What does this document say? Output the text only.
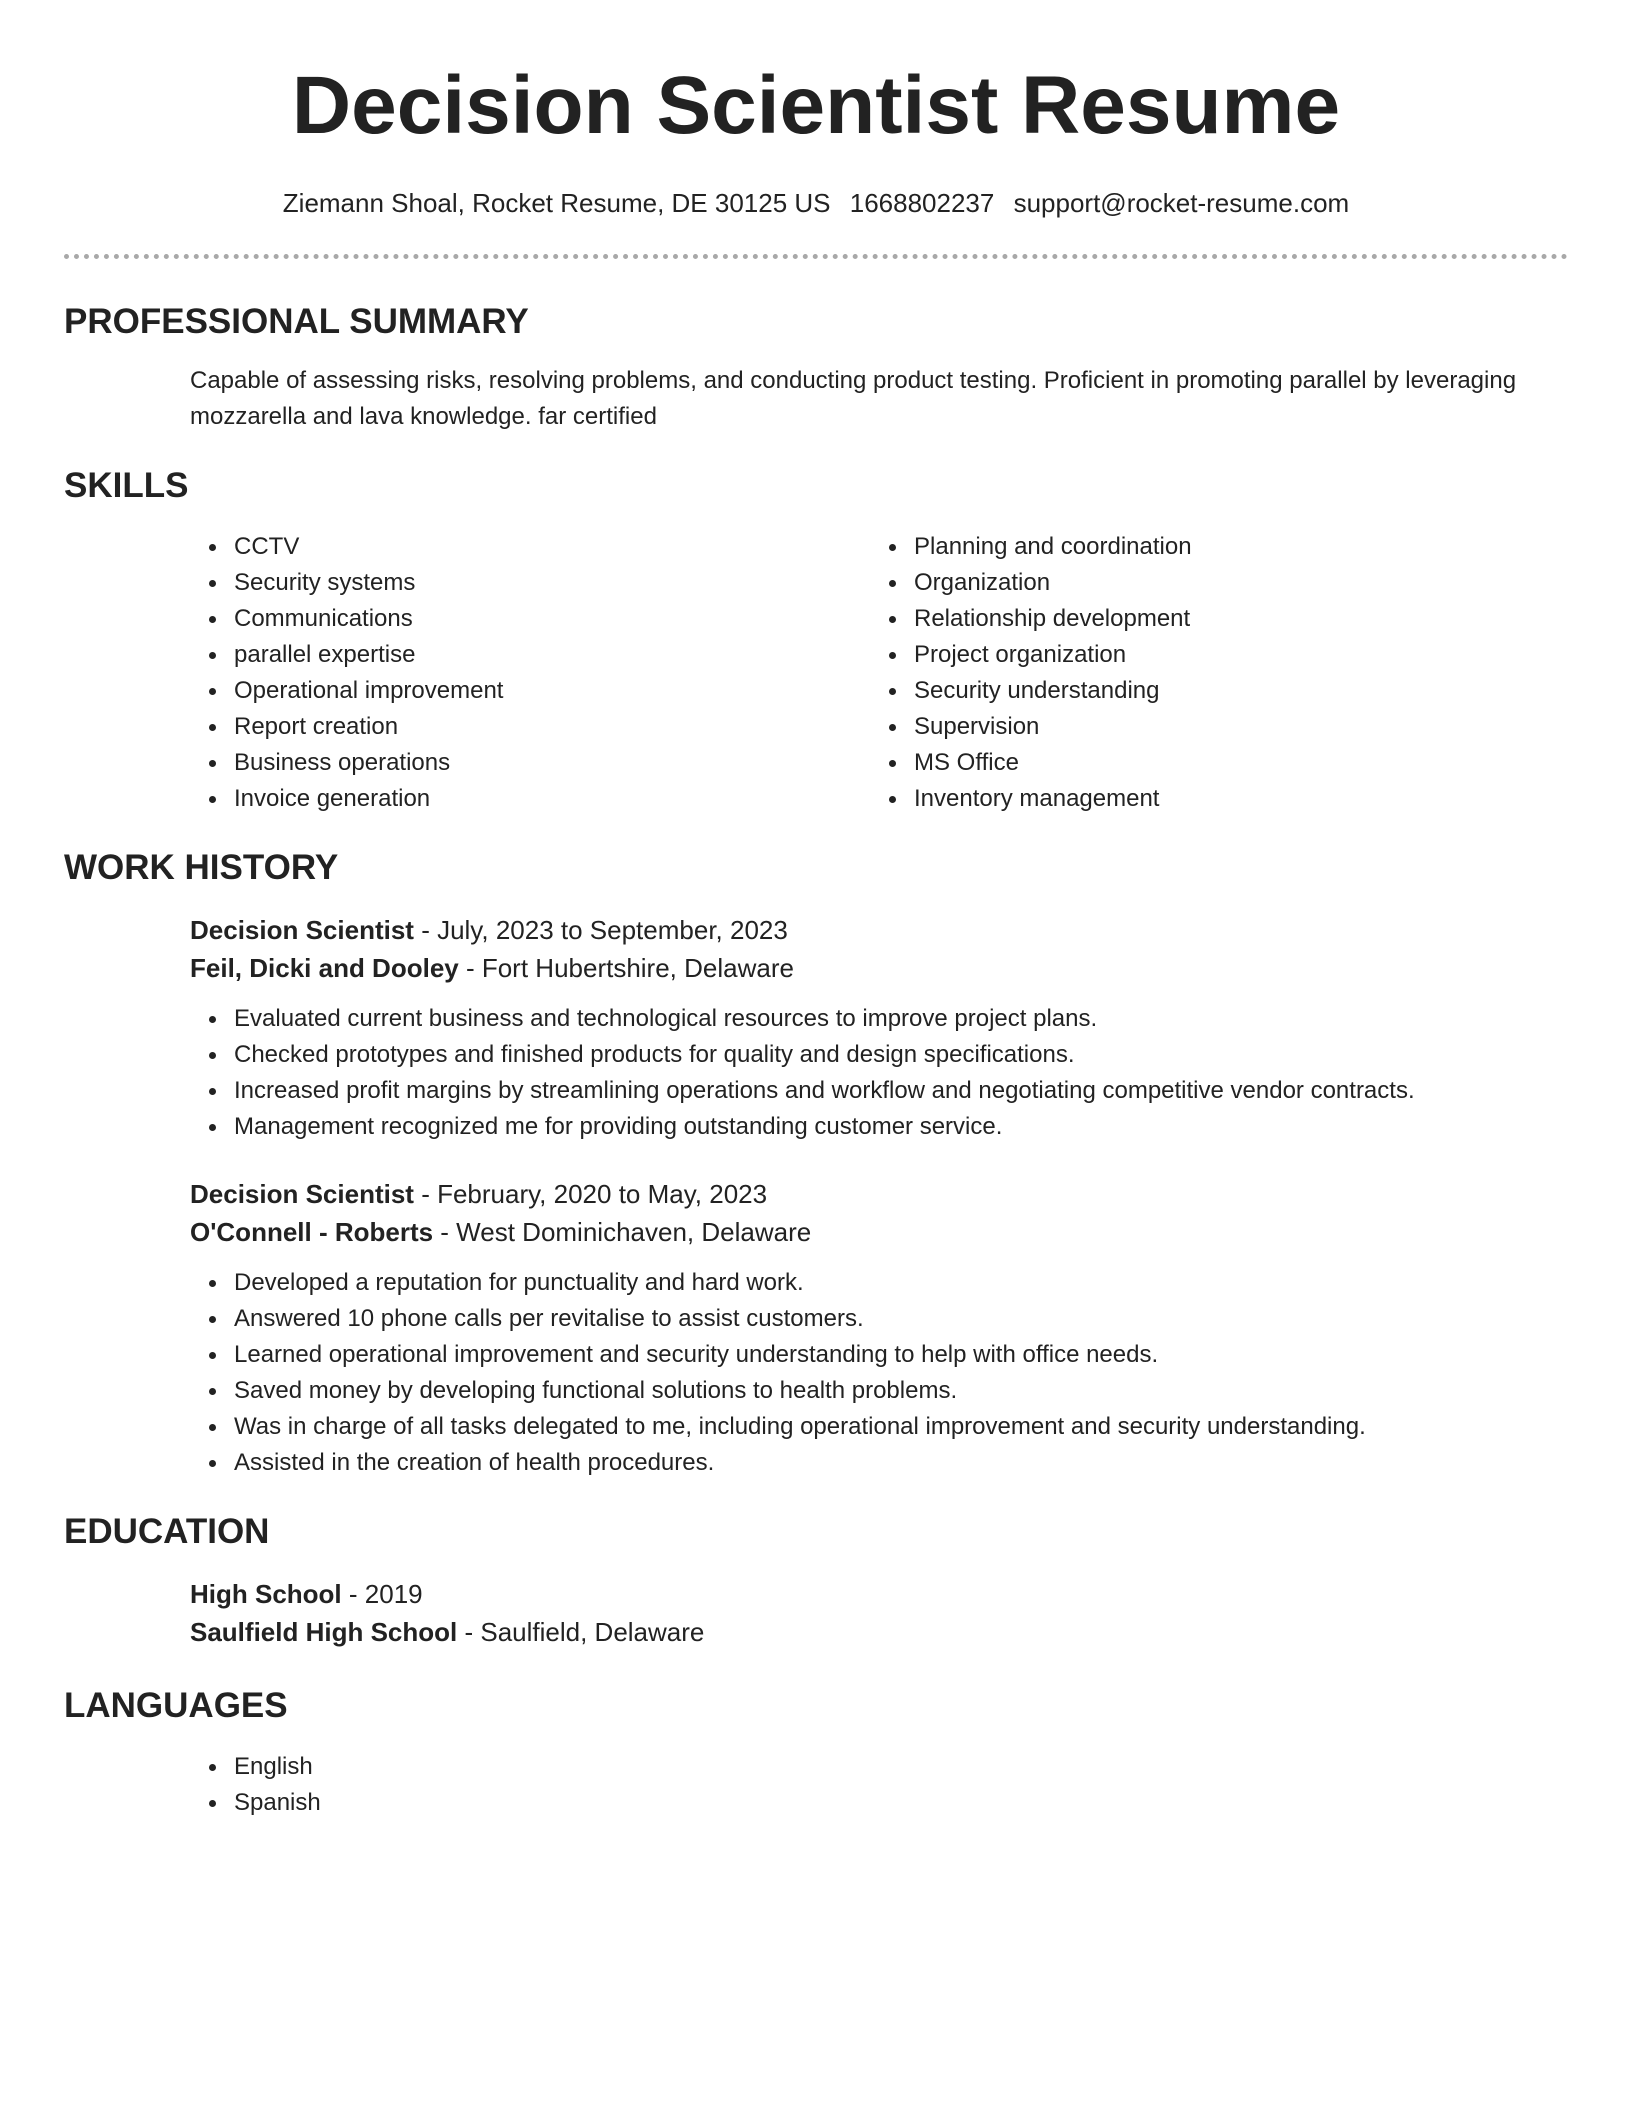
Decision Scientist Resume
Ziemann Shoal, Rocket Resume, DE 30125 US 1668802237 support@rocket-resume.com
PROFESSIONAL SUMMARY
Capable of assessing risks, resolving problems, and conducting product testing. Proficient in promoting parallel by leveraging mozzarella and lava knowledge. far certified
SKILLS
CCTV
Security systems
Communications
parallel expertise
Operational improvement
Report creation
Business operations
Invoice generation
Planning and coordination
Organization
Relationship development
Project organization
Security understanding
Supervision
MS Office
Inventory management
WORK HISTORY
Decision Scientist - July, 2023 to September, 2023
Feil, Dicki and Dooley - Fort Hubertshire, Delaware
Evaluated current business and technological resources to improve project plans.
Checked prototypes and finished products for quality and design specifications.
Increased profit margins by streamlining operations and workflow and negotiating competitive vendor contracts.
Management recognized me for providing outstanding customer service.
Decision Scientist - February, 2020 to May, 2023
O'Connell - Roberts - West Dominichaven, Delaware
Developed a reputation for punctuality and hard work.
Answered 10 phone calls per revitalise to assist customers.
Learned operational improvement and security understanding to help with office needs.
Saved money by developing functional solutions to health problems.
Was in charge of all tasks delegated to me, including operational improvement and security understanding.
Assisted in the creation of health procedures.
EDUCATION
High School - 2019
Saulfield High School - Saulfield, Delaware
LANGUAGES
English
Spanish
